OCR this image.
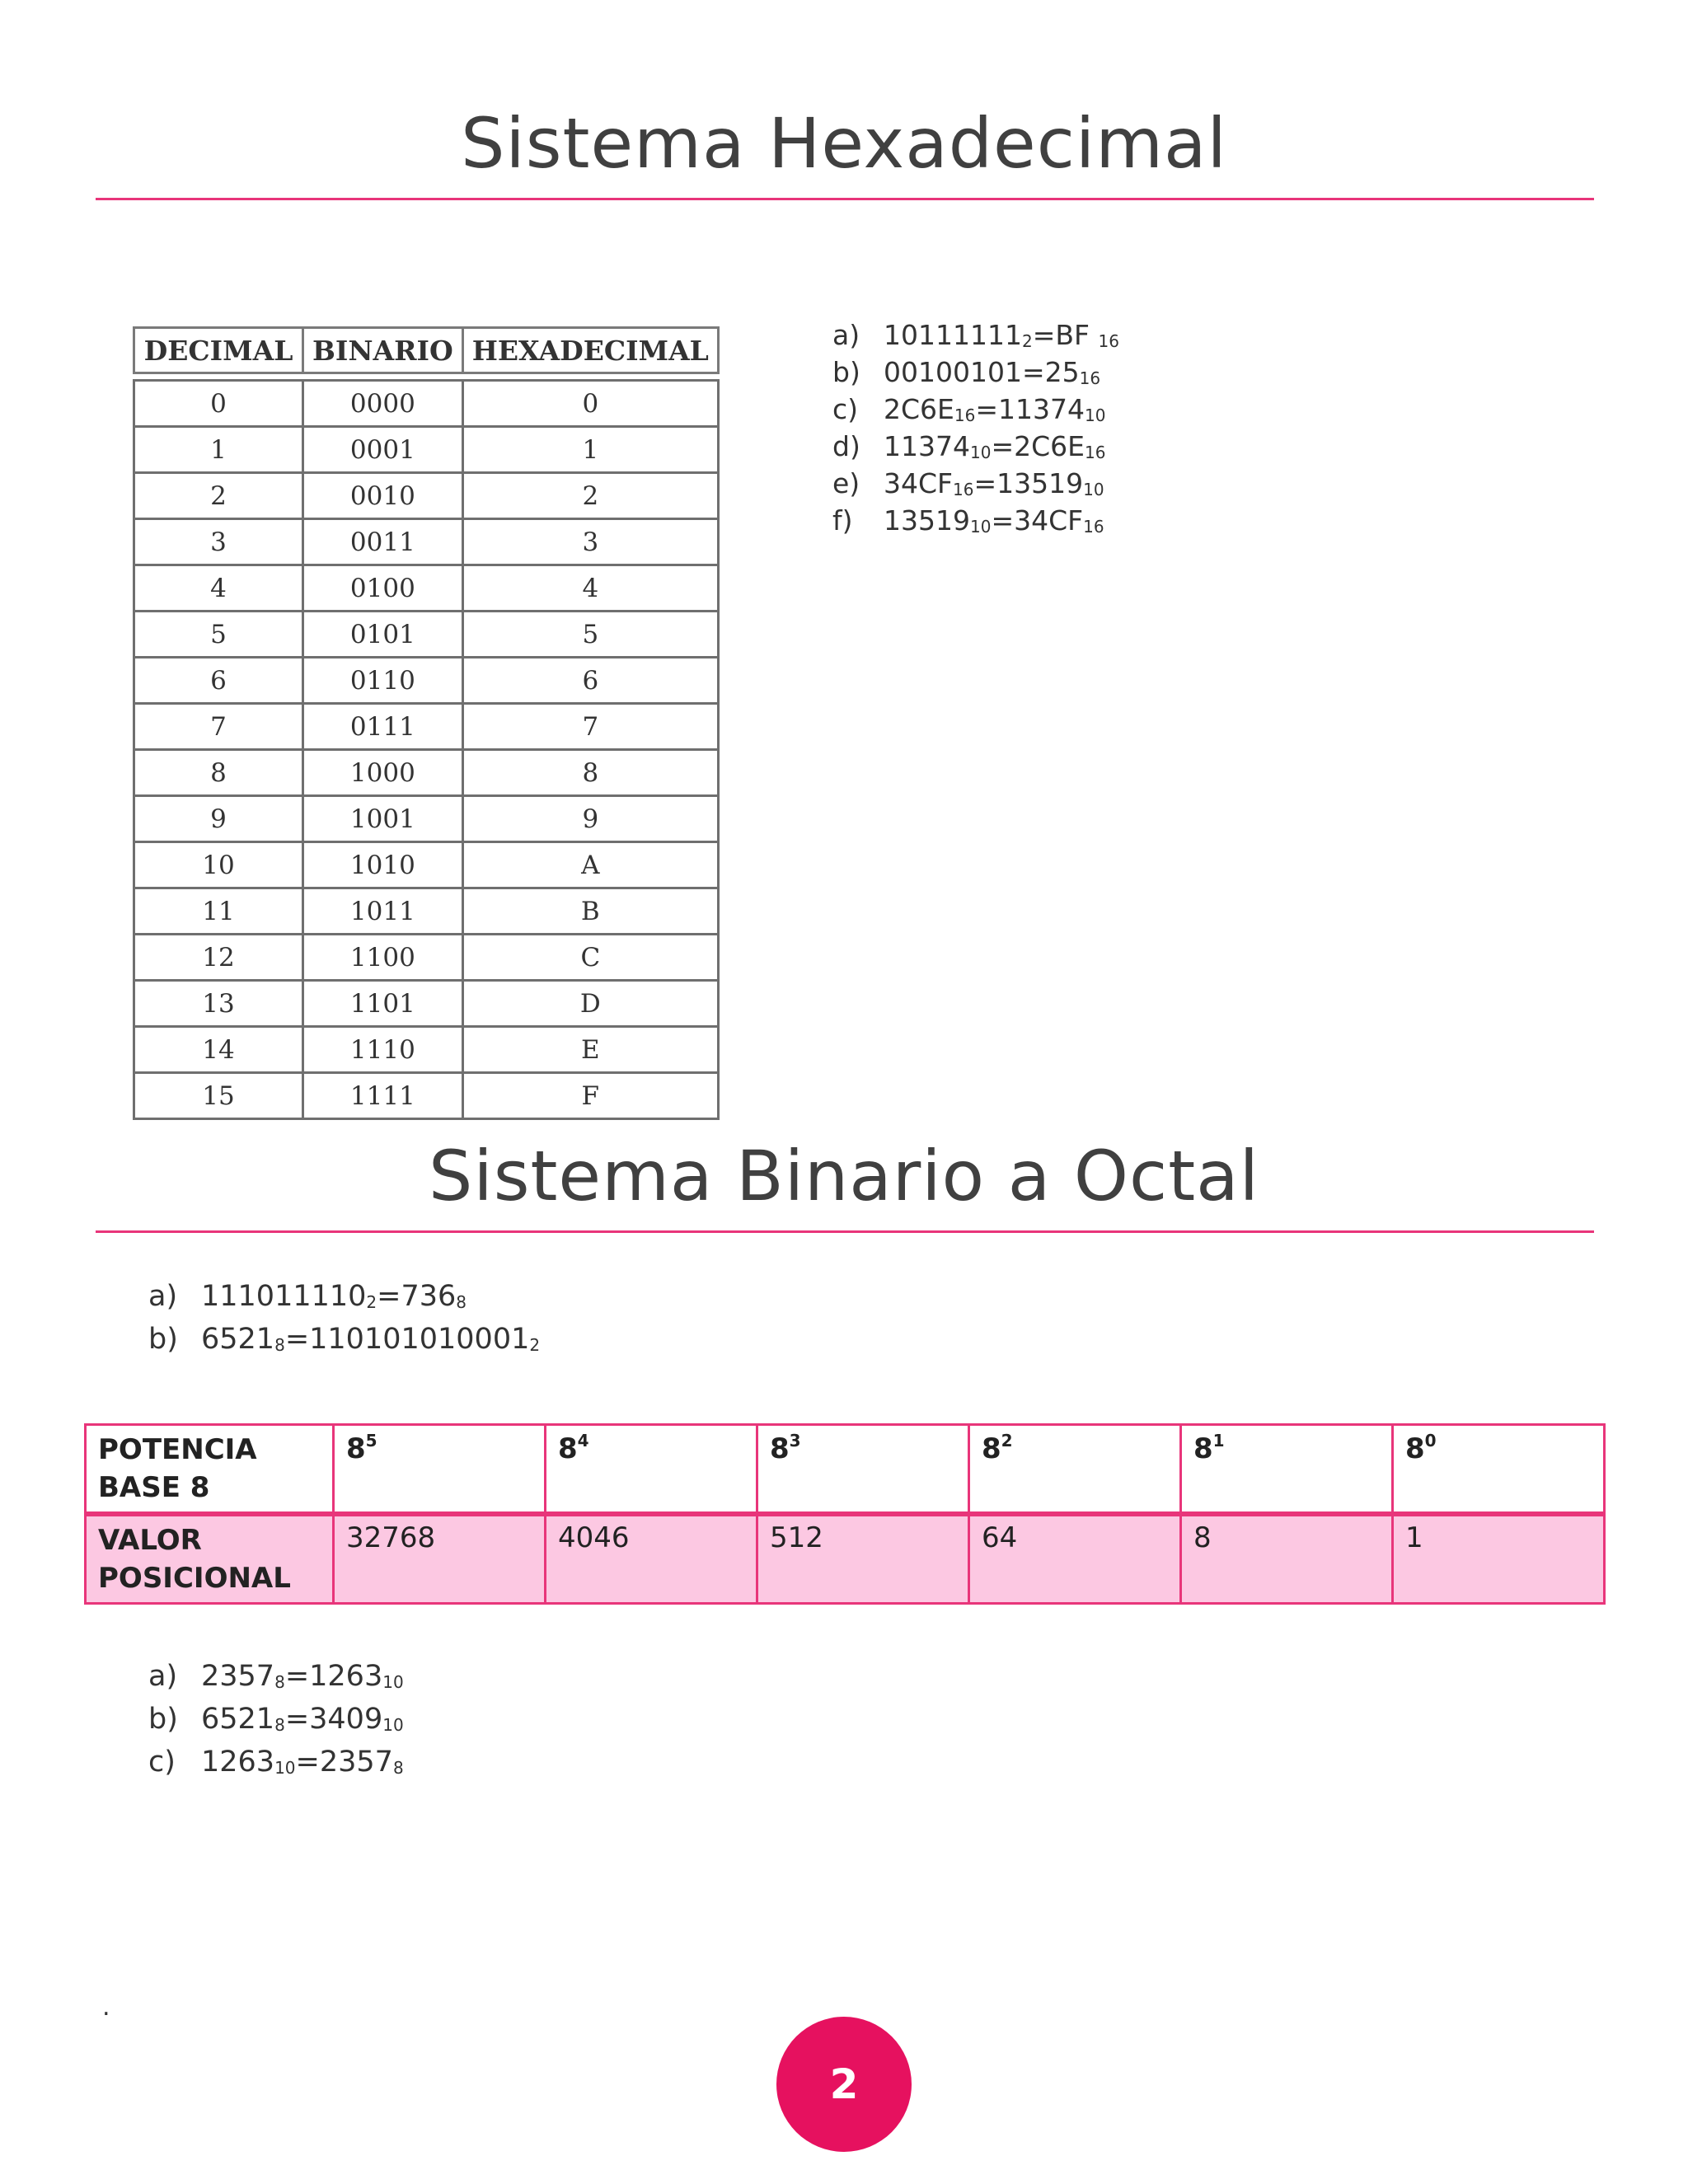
Sistema Hexadecimal
DECIMAL	BINARIO	HEXADECIMAL

0	0000	0
1	0001	1
2	0010	2
3	0011	3
4	0100	4
5	0101	5
6	0110	6
7	0111	7
8	1000	8
9	1001	9
10	1010	A
11	1011	B
12	1100	C
13	1101	D
14	1110	E
15	1111	F
a) $10111111_2=BF$ $_{16}$
b) $00100101=25_{16}$
c) $2C6E_{16}=11374_{10}$
d) $11374_{10}=2C6E_{16}$
e) $34CF_{16}=13519_{10}$
f)	$13519_{10}=34CF_{16}$
Sistema Binario a Octal
a) $111011110_2=736_8$
b) $6521_8=110101010001_2$
POTENCIA
BASE 8	$8^5$	$8^4$	$8^3$	$8^2$	$8^1$	$8^0$
VALOR
POSICIONAL	32768	4046	512	64	8	1
a) $2357_8=1263_{10}$
b) $6521_8=3409_{10}$
c) $1263_{10}=2357_8$
.
2
